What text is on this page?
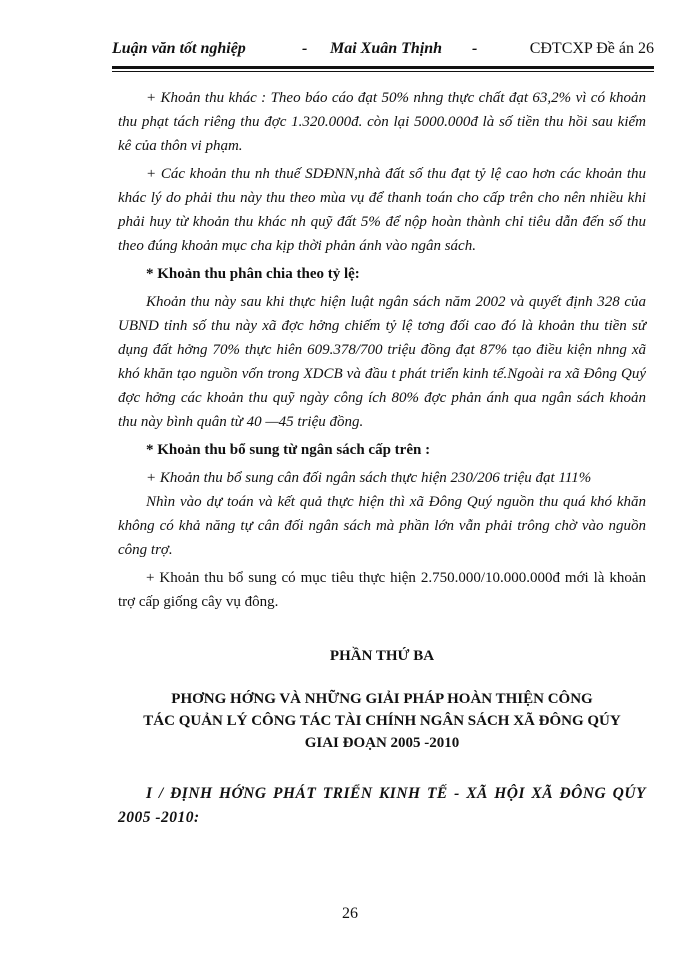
Luận văn tốt nghiệp	- Mai Xuân Thịnh -	CĐTCXP Đề án 26

+ Khoản thu khác : Theo báo cáo đạt 50% nhng thực chất đạt 63,2% vì có khoản thu phạt tách riêng thu đợc 1.320.000đ. còn lại 5000.000đ là số tiền thu hồi sau kiểm kê của thôn vi phạm.

+ Các khoản thu nh thuế SDĐNN,nhà đất số thu đạt tỷ lệ cao hơn các khoản thu khác lý do phải thu này thu theo mùa vụ để thanh toán cho cấp trên cho nên nhiều khi phải huy từ khoản thu khác nh quỹ đất 5% để nộp hoàn thành chỉ tiêu dẫn đến số thu theo đúng khoản mục cha kịp thời phản ánh vào ngân sách.

* Khoản thu phân chia theo tỷ lệ:

Khoản thu này sau khi thực hiện luật ngân sách năm 2002 và quyết định 328 của UBND tỉnh số thu này xã đợc hởng chiếm tỷ lệ tơng đối cao đó là khoản thu tiền sử dụng đất hởng 70% thực hiên 609.378/700 triệu đồng đạt 87% tạo điều kiện nhng xã khó khăn tạo nguồn vốn trong XDCB và đầu t phát triển kinh tế.Ngoài ra xã Đông Quý đợc hởng các khoản thu quỹ ngày công ích 80% đợc phản ánh qua ngân sách khoản thu này bình quân từ 40 —45 triệu đồng.

* Khoản thu bổ sung từ ngân sách cấp trên :

+ Khoản thu bổ sung cân đối ngân sách thực hiện 230/206 triệu đạt 111%

Nhìn vào dự toán và kết quả thực hiện thì xã Đông Quý nguồn thu quá khó khăn không có khả năng tự cân đối ngân sách mà phần lớn vẫn phải trông chờ vào nguồn công trợ.

+ Khoản thu bổ sung có mục tiêu thực hiện 2.750.000/10.000.000đ mới là khoản trợ cấp giống cây vụ đông.

PHẦN THỨ BA

PHƠNG HỚNG VÀ NHỮNG GIẢI PHÁP HOÀN THIỆN CÔNG

TÁC QUẢN LÝ CÔNG TÁC TÀI CHÍNH NGÂN SÁCH XÃ ĐÔNG QÚY

GIAI ĐOẠN 2005 -2010

I / ĐỊNH HỚNG PHÁT TRIỂN KINH TẾ - XÃ HỘI XÃ ĐÔNG QÚY 2005 -2010:

26
